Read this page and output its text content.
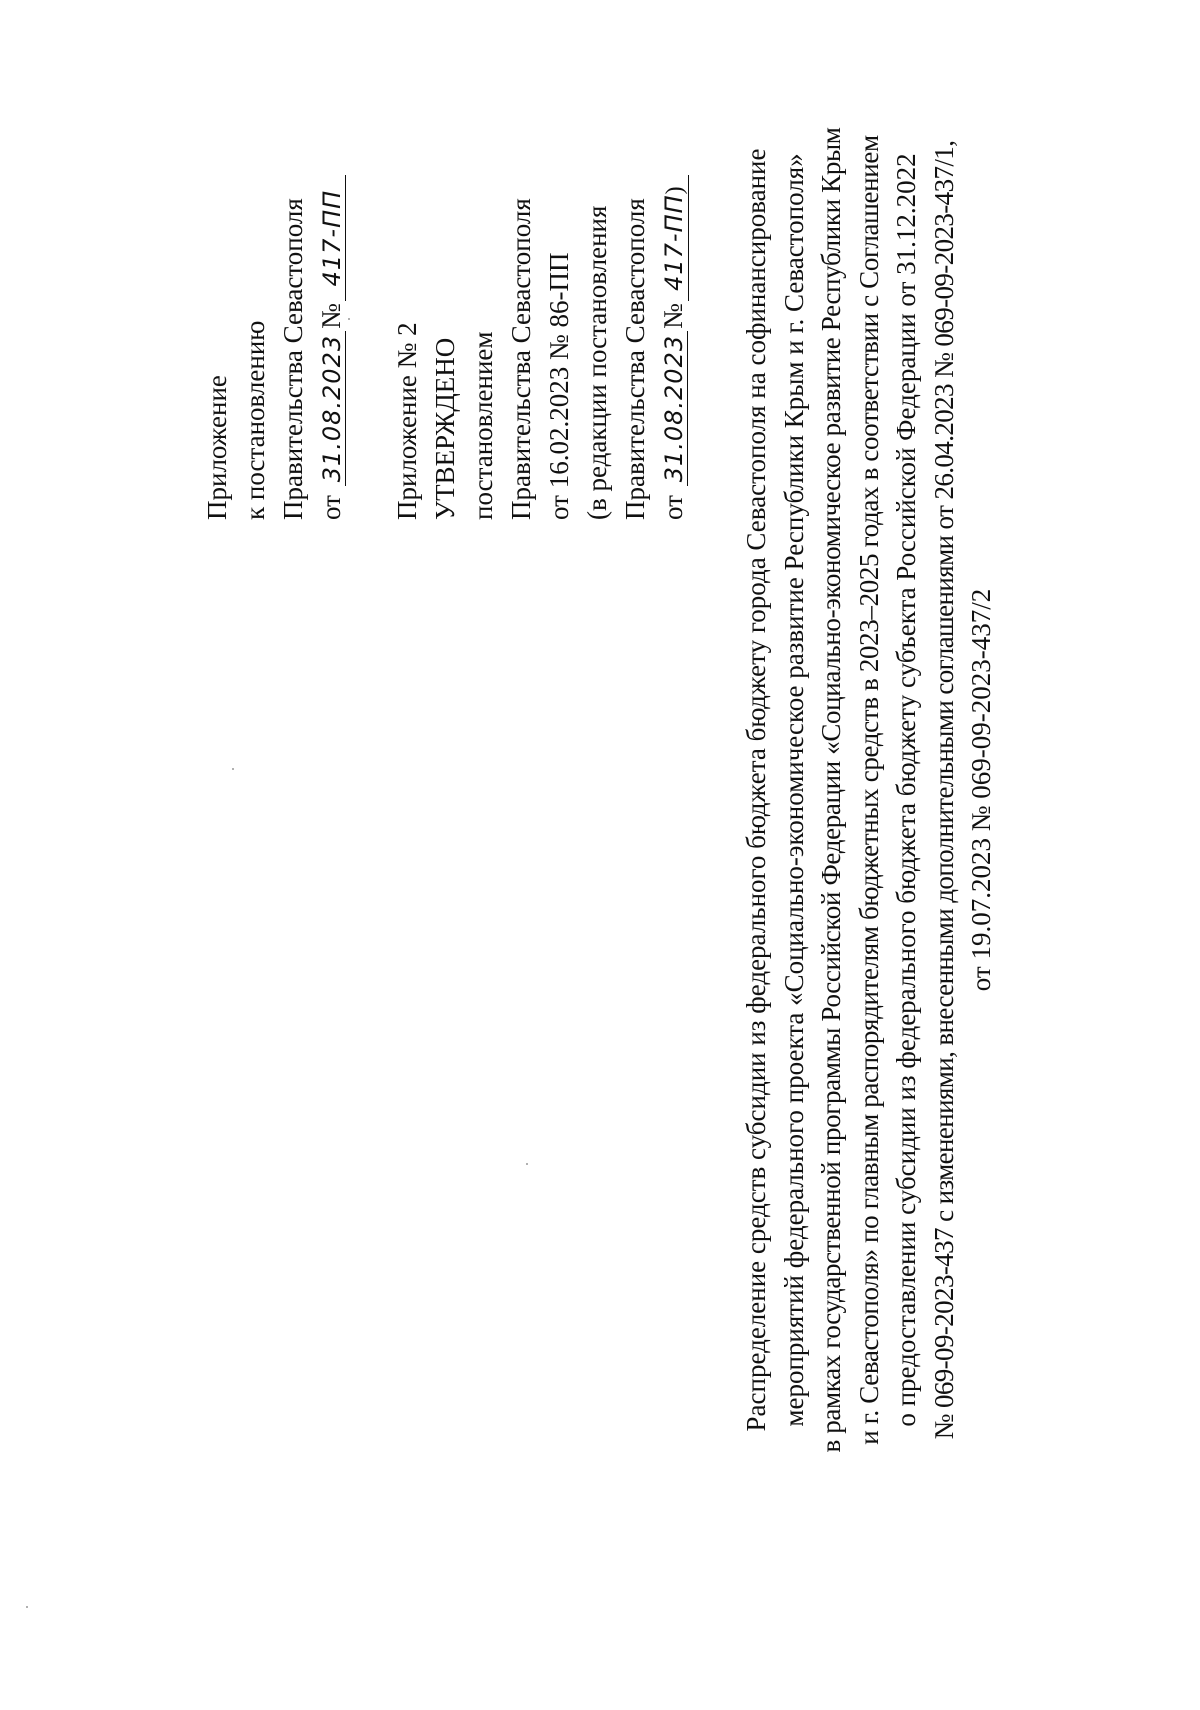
Приложение к постановлению Правительства Севастополя от 31.08.2023№417-ПП
Приложение № 2 УТВЕРЖДЕНО постановлением Правительства Севастополя от 16.02.2023 № 86-ПП (в редакции постановления Правительства Севастополя от 31.08.2023№417-ПП) Распределение средств субсидии из федерального бюджета бюджету города Севастополя на софинансирование мероприятий федерального проекта «Социально-экономическое развитие Республики Крым и г. Севастополя» в рамках государственной программы Российской Федерации «Социально-экономическое развитие Республики Крым и г. Севастополя» по главным распорядителям бюджетных средств в 2023–2025 годах в соответствии с Соглашением о предоставлении субсидии из федерального бюджета бюджету субъекта Российской Федерации от 31.12.2022 № 069-09-2023-437 с изменениями, внесенными дополнительными соглашениями от 26.04.2023 № 069-09-2023-437/1, от 19.07.2023 № 069-09-2023-437/2
